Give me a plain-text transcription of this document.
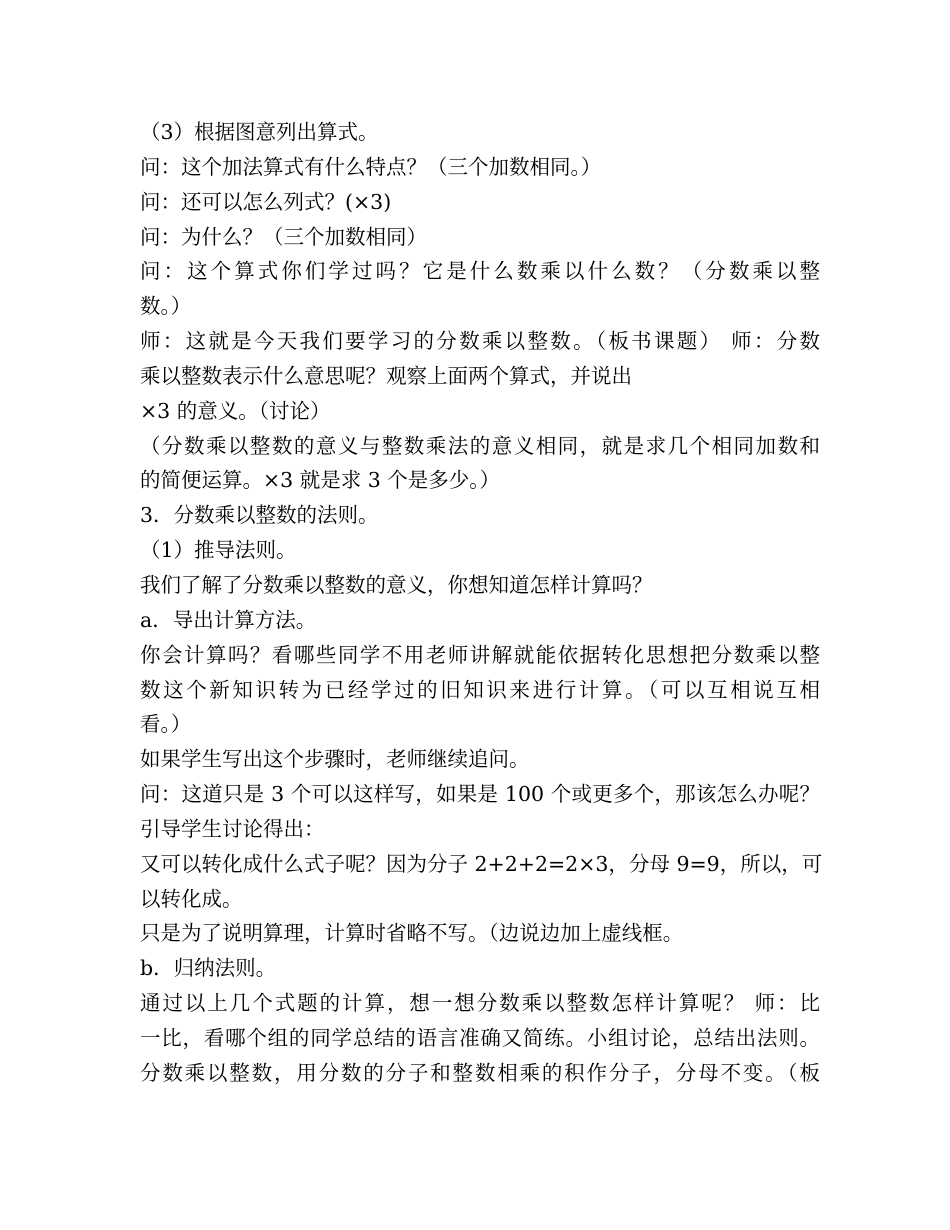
（3）根据图意列出算式。
问：这个加法算式有什么特点？（三个加数相同。）
问：还可以怎么列式？(×3)
问：为什么？（三个加数相同）
问：这个算式你们学过吗？它是什么数乘以什么数？（分数乘以整
数。）
师：这就是今天我们要学习的分数乘以整数。（板书课题） 师：分数
乘以整数表示什么意思呢？观察上面两个算式，并说出
×3 的意义。（讨论）
（分数乘以整数的意义与整数乘法的意义相同，就是求几个相同加数和
的简便运算。×3 就是求 3 个是多少。）
3．分数乘以整数的法则。
（1）推导法则。
我们了解了分数乘以整数的意义，你想知道怎样计算吗？
a．导出计算方法。
你会计算吗？看哪些同学不用老师讲解就能依据转化思想把分数乘以整
数这个新知识转为已经学过的旧知识来进行计算。（可以互相说互相
看。）
如果学生写出这个步骤时，老师继续追问。
问：这道只是 3 个可以这样写，如果是 100 个或更多个，那该怎么办呢？
引导学生讨论得出：
又可以转化成什么式子呢？因为分子 2+2+2=2×3，分母 9=9，所以，可
以转化成。
只是为了说明算理，计算时省略不写。（边说边加上虚线框。
b．归纳法则。
通过以上几个式题的计算，想一想分数乘以整数怎样计算呢？ 师：比
一比，看哪个组的同学总结的语言准确又简练。小组讨论，总结出法则。
分数乘以整数，用分数的分子和整数相乘的积作分子，分母不变。（板
